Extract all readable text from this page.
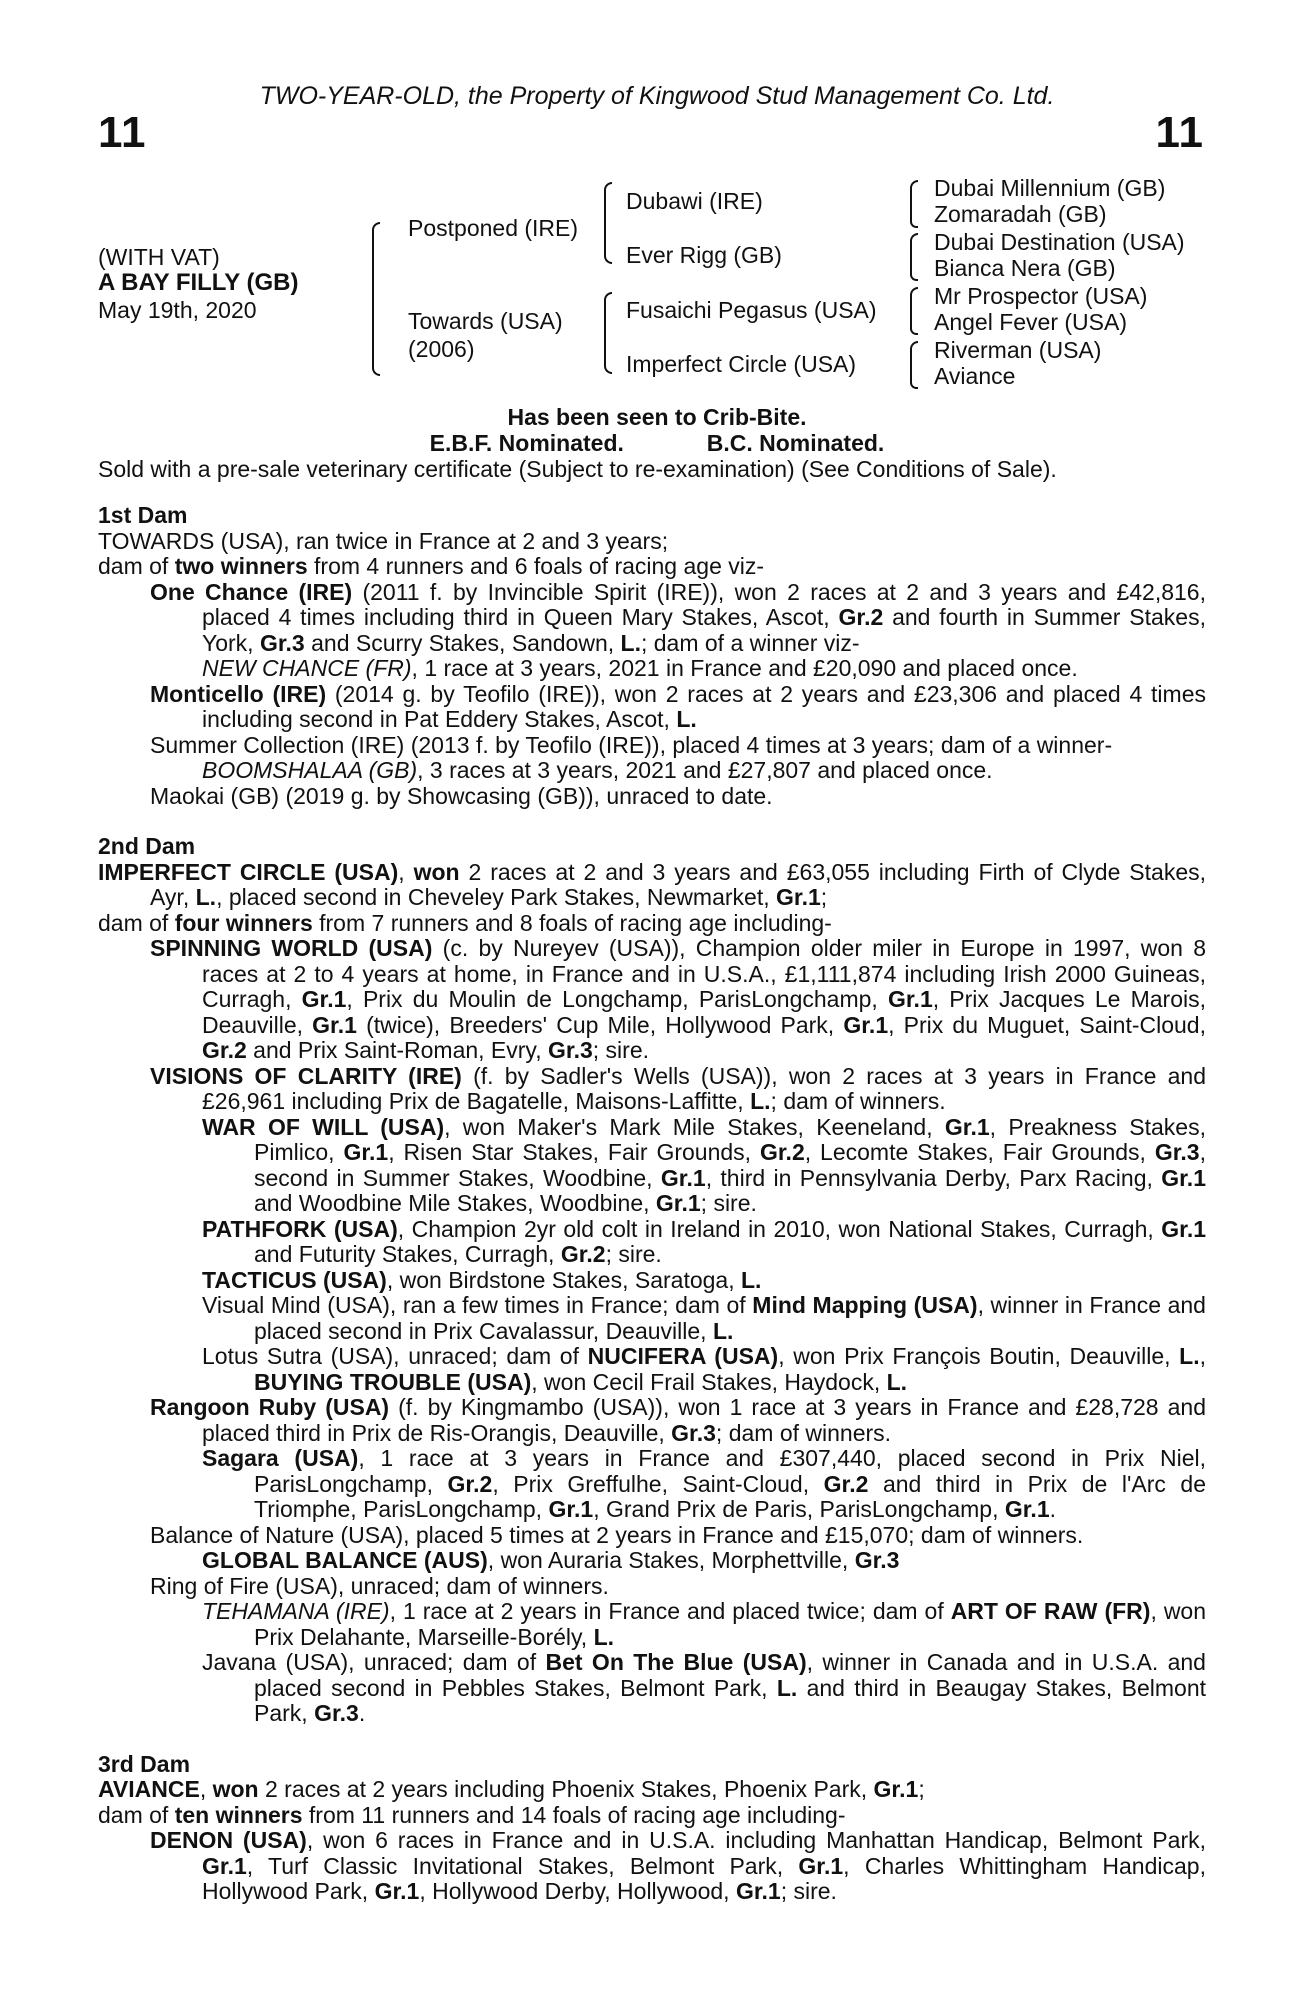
TWO-YEAR-OLD, the Property of Kingwood Stud Management Co. Ltd.
11	11
(WITH VAT)
A BAY FILLY (GB)
May 19th, 2020
Postponed (IRE)
Towards (USA)
(2006)
Dubawi (IRE)
Ever Rigg (GB)
Fusaichi Pegasus (USA)
Imperfect Circle (USA)
Dubai Millennium (GB)
Zomaradah (GB)
Dubai Destination (USA)
Bianca Nera (GB)
Mr Prospector (USA)
Angel Fever (USA)
Riverman (USA)
Aviance
Has been seen to Crib-Bite.
E.B.F. Nominated.	B.C. Nominated.
Sold with a pre-sale veterinary certificate (Subject to re-examination) (See Conditions of Sale).

1st Dam

TOWARDS (USA), ran twice in France at 2 and 3 years;

dam of two winners from 4 runners and 6 foals of racing age viz-

One Chance (IRE) (2011 f. by Invincible Spirit (IRE)), won 2 races at 2 and 3 years and £42,816, placed 4 times including third in Queen Mary Stakes, Ascot, Gr.2 and fourth in Summer Stakes, York, Gr.3 and Scurry Stakes, Sandown, L.; dam of a winner viz-

NEW CHANCE (FR), 1 race at 3 years, 2021 in France and £20,090 and placed once.

Monticello (IRE) (2014 g. by Teofilo (IRE)), won 2 races at 2 years and £23,306 and placed 4 times including second in Pat Eddery Stakes, Ascot, L.

Summer Collection (IRE) (2013 f. by Teofilo (IRE)), placed 4 times at 3 years; dam of a winner-

BOOMSHALAA (GB), 3 races at 3 years, 2021 and £27,807 and placed once.

Maokai (GB) (2019 g. by Showcasing (GB)), unraced to date.

2nd Dam

IMPERFECT CIRCLE (USA), won 2 races at 2 and 3 years and £63,055 including Firth of Clyde Stakes, Ayr, L., placed second in Cheveley Park Stakes, Newmarket, Gr.1;

dam of four winners from 7 runners and 8 foals of racing age including-

SPINNING WORLD (USA) (c. by Nureyev (USA)), Champion older miler in Europe in 1997, won 8 races at 2 to 4 years at home, in France and in U.S.A., £1,111,874 including Irish 2000 Guineas, Curragh, Gr.1, Prix du Moulin de Longchamp, ParisLongchamp, Gr.1, Prix Jacques Le Marois, Deauville, Gr.1 (twice), Breeders' Cup Mile, Hollywood Park, Gr.1, Prix du Muguet, Saint-Cloud, Gr.2 and Prix Saint-Roman, Evry, Gr.3; sire.

VISIONS OF CLARITY (IRE) (f. by Sadler's Wells (USA)), won 2 races at 3 years in France and £26,961 including Prix de Bagatelle, Maisons-Laffitte, L.; dam of winners.

WAR OF WILL (USA), won Maker's Mark Mile Stakes, Keeneland, Gr.1, Preakness Stakes, Pimlico, Gr.1, Risen Star Stakes, Fair Grounds, Gr.2, Lecomte Stakes, Fair Grounds, Gr.3, second in Summer Stakes, Woodbine, Gr.1, third in Pennsylvania Derby, Parx Racing, Gr.1 and Woodbine Mile Stakes, Woodbine, Gr.1; sire.

PATHFORK (USA), Champion 2yr old colt in Ireland in 2010, won National Stakes, Curragh, Gr.1 and Futurity Stakes, Curragh, Gr.2; sire.

TACTICUS (USA), won Birdstone Stakes, Saratoga, L.

Visual Mind (USA), ran a few times in France; dam of Mind Mapping (USA), winner in France and placed second in Prix Cavalassur, Deauville, L.

Lotus Sutra (USA), unraced; dam of NUCIFERA (USA), won Prix François Boutin, Deauville, L., BUYING TROUBLE (USA), won Cecil Frail Stakes, Haydock, L.

Rangoon Ruby (USA) (f. by Kingmambo (USA)), won 1 race at 3 years in France and £28,728 and placed third in Prix de Ris-Orangis, Deauville, Gr.3; dam of winners.

Sagara (USA), 1 race at 3 years in France and £307,440, placed second in Prix Niel, ParisLongchamp, Gr.2, Prix Greffulhe, Saint-Cloud, Gr.2 and third in Prix de l'Arc de Triomphe, ParisLongchamp, Gr.1, Grand Prix de Paris, ParisLongchamp, Gr.1.

Balance of Nature (USA), placed 5 times at 2 years in France and £15,070; dam of winners.

GLOBAL BALANCE (AUS), won Auraria Stakes, Morphettville, Gr.3

Ring of Fire (USA), unraced; dam of winners.

TEHAMANA (IRE), 1 race at 2 years in France and placed twice; dam of ART OF RAW (FR), won Prix Delahante, Marseille-Borély, L.

Javana (USA), unraced; dam of Bet On The Blue (USA), winner in Canada and in U.S.A. and placed second in Pebbles Stakes, Belmont Park, L. and third in Beaugay Stakes, Belmont Park, Gr.3.

3rd Dam

AVIANCE, won 2 races at 2 years including Phoenix Stakes, Phoenix Park, Gr.1;

dam of ten winners from 11 runners and 14 foals of racing age including-

DENON (USA), won 6 races in France and in U.S.A. including Manhattan Handicap, Belmont Park, Gr.1, Turf Classic Invitational Stakes, Belmont Park, Gr.1, Charles Whittingham Handicap, Hollywood Park, Gr.1, Hollywood Derby, Hollywood, Gr.1; sire.
